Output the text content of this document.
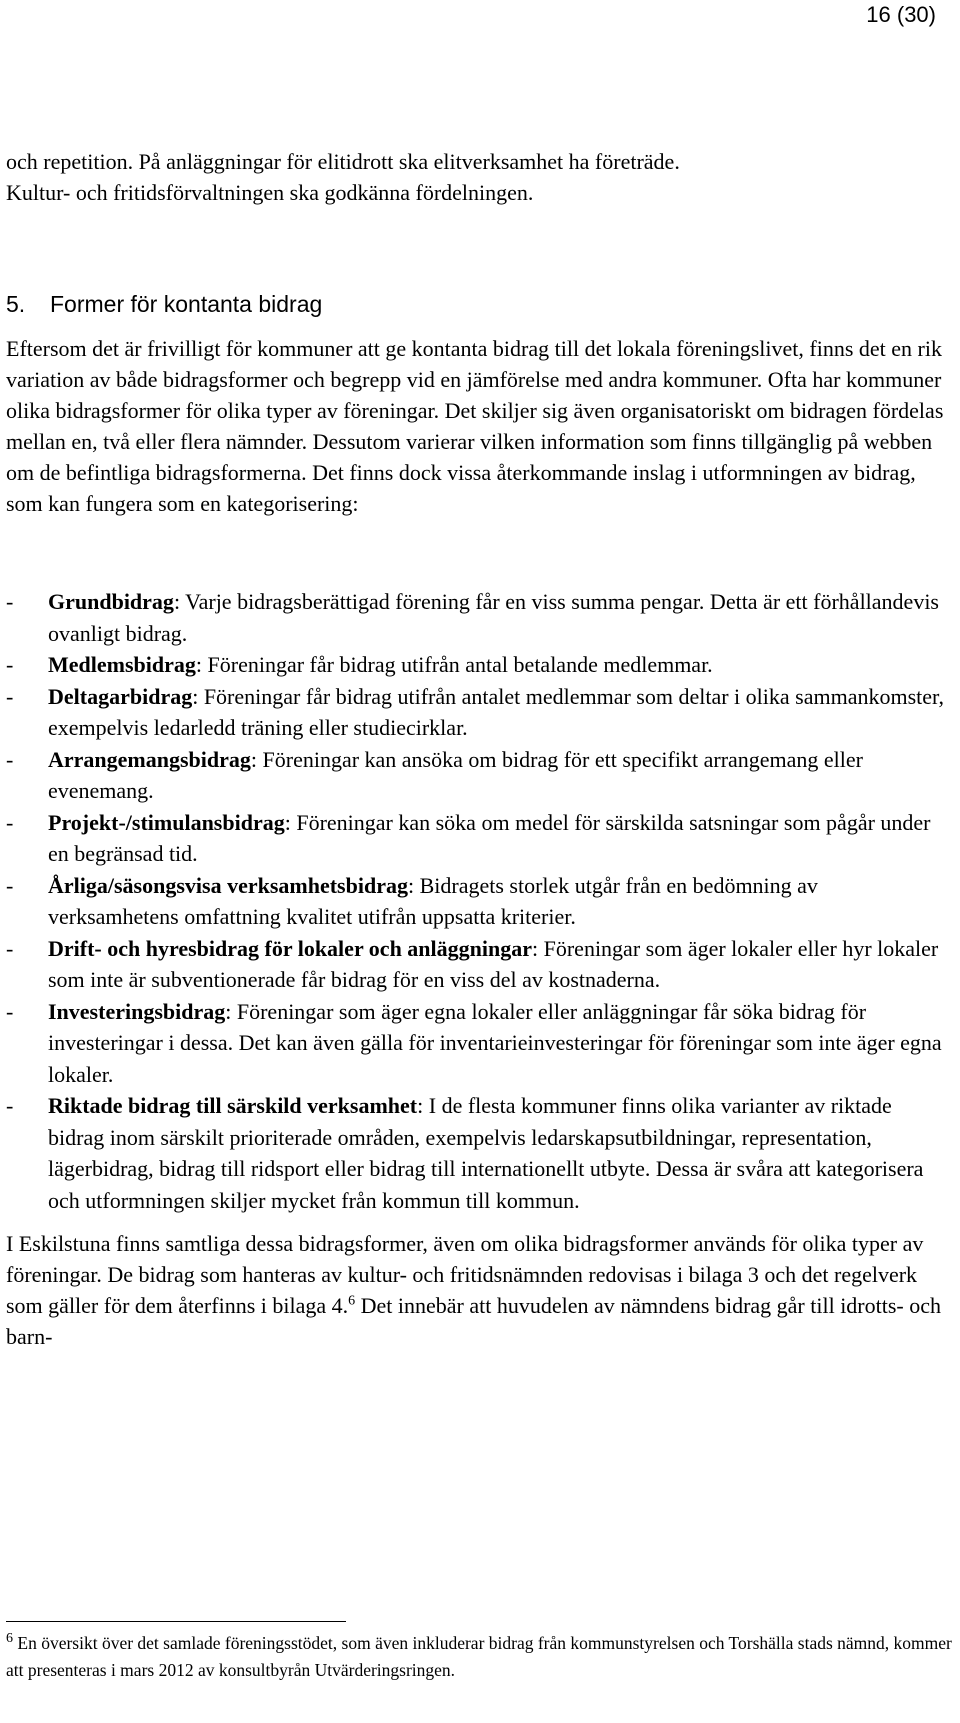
16 (30)

och repetition. På anläggningar för elitidrott ska elitverksamhet ha företräde.
Kultur- och fritidsförvaltningen ska godkänna fördelningen.

5. Former för kontanta bidrag

Eftersom det är frivilligt för kommuner att ge kontanta bidrag till det lokala föreningslivet, finns det en rik variation av både bidragsformer och begrepp vid en jämförelse med andra kommuner. Ofta har kommuner olika bidragsformer för olika typer av föreningar. Det skiljer sig även organisatoriskt om bidragen fördelas mellan en, två eller flera nämnder. Dessutom varierar vilken information som finns tillgänglig på webben om de befintliga bidragsformerna. Det finns dock vissa återkommande inslag i utformningen av bidrag, som kan fungera som en kategorisering:

- Grundbidrag: Varje bidragsberättigad förening får en viss summa pengar. Detta är ett förhållandevis ovanligt bidrag.
- Medlemsbidrag: Föreningar får bidrag utifrån antal betalande medlemmar.
- Deltagarbidrag: Föreningar får bidrag utifrån antalet medlemmar som deltar i olika sammankomster, exempelvis ledarledd träning eller studiecirklar.
- Arrangemangsbidrag: Föreningar kan ansöka om bidrag för ett specifikt arrangemang eller evenemang.
- Projekt-/stimulansbidrag: Föreningar kan söka om medel för särskilda satsningar som pågår under en begränsad tid.
- Årliga/säsongsvisa verksamhetsbidrag: Bidragets storlek utgår från en bedömning av verksamhetens omfattning kvalitet utifrån uppsatta kriterier.
- Drift- och hyresbidrag för lokaler och anläggningar: Föreningar som äger lokaler eller hyr lokaler som inte är subventionerade får bidrag för en viss del av kostnaderna.
- Investeringsbidrag: Föreningar som äger egna lokaler eller anläggningar får söka bidrag för investeringar i dessa. Det kan även gälla för inventarieinvesteringar för föreningar som inte äger egna lokaler.
- Riktade bidrag till särskild verksamhet: I de flesta kommuner finns olika varianter av riktade bidrag inom särskilt prioriterade områden, exempelvis ledarskapsutbildningar, representation, lägerbidrag, bidrag till ridsport eller bidrag till internationellt utbyte. Dessa är svåra att kategorisera och utformningen skiljer mycket från kommun till kommun.

I Eskilstuna finns samtliga dessa bidragsformer, även om olika bidragsformer används för olika typer av föreningar. De bidrag som hanteras av kultur- och fritidsnämnden redovisas i bilaga 3 och det regelverk som gäller för dem återfinns i bilaga 4.$^6$ Det innebär att huvudelen av nämndens bidrag går till idrotts- och barn-

$^6$ En översikt över det samlade föreningsstödet, som även inkluderar bidrag från kommunstyrelsen och Torshälla stads nämnd, kommer att presenteras i mars 2012 av konsultbyrån Utvärderingsringen.
